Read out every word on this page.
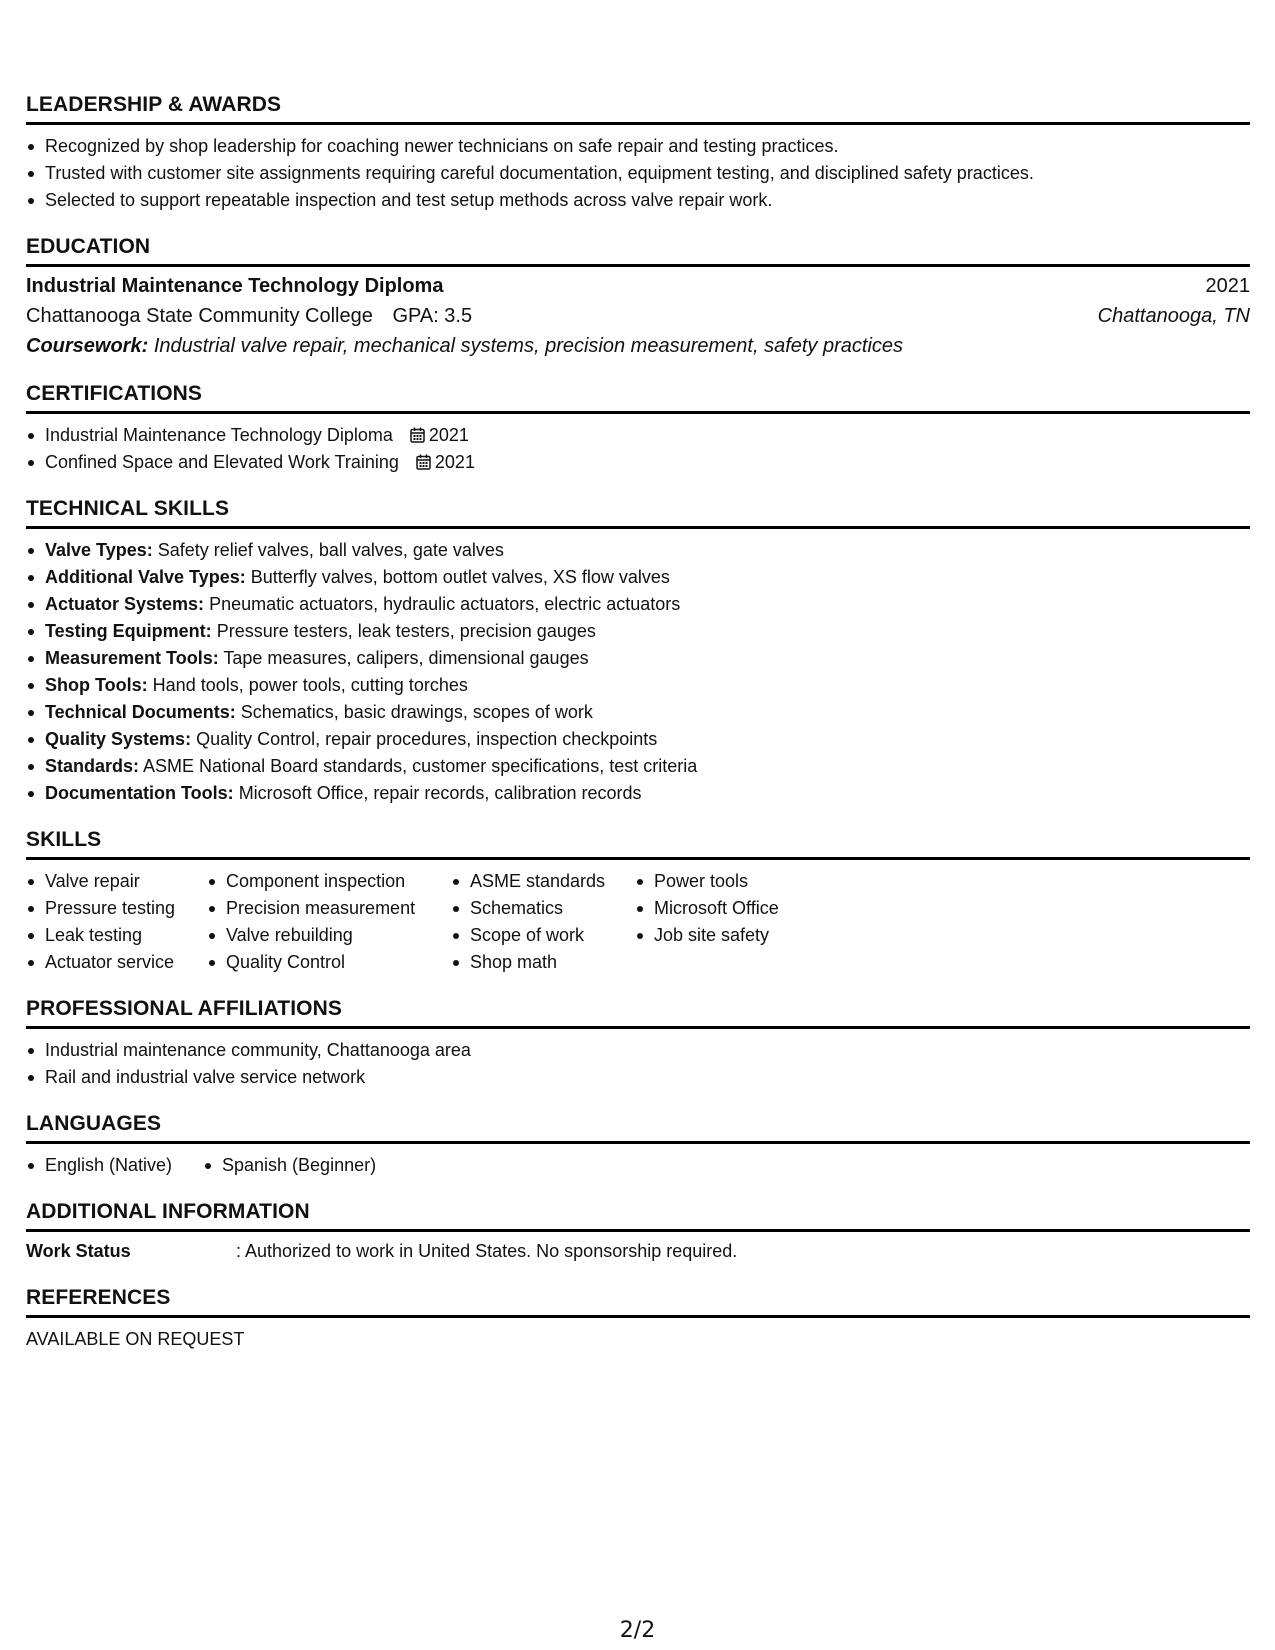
LEADERSHIP & AWARDS
Recognized by shop leadership for coaching newer technicians on safe repair and testing practices.
Trusted with customer site assignments requiring careful documentation, equipment testing, and disciplined safety practices.
Selected to support repeatable inspection and test setup methods across valve repair work.
EDUCATION
Industrial Maintenance Technology Diploma	2021
Chattanooga State Community College GPA: 3.5	Chattanooga, TN
Coursework: Industrial valve repair, mechanical systems, precision measurement, safety practices
CERTIFICATIONS
Industrial Maintenance Technology Diploma 2021
Confined Space and Elevated Work Training 2021
TECHNICAL SKILLS
Valve Types: Safety relief valves, ball valves, gate valves
Additional Valve Types: Butterfly valves, bottom outlet valves, XS flow valves
Actuator Systems: Pneumatic actuators, hydraulic actuators, electric actuators
Testing Equipment: Pressure testers, leak testers, precision gauges
Measurement Tools: Tape measures, calipers, dimensional gauges
Shop Tools: Hand tools, power tools, cutting torches
Technical Documents: Schematics, basic drawings, scopes of work
Quality Systems: Quality Control, repair procedures, inspection checkpoints
Standards: ASME National Board standards, customer specifications, test criteria
Documentation Tools: Microsoft Office, repair records, calibration records
SKILLS
Valve repair
Pressure testing
Leak testing
Actuator service
Component inspection
Precision measurement
Valve rebuilding
Quality Control
ASME standards
Schematics
Scope of work
Shop math
Power tools
Microsoft Office
Job site safety
PROFESSIONAL AFFILIATIONS
Industrial maintenance community, Chattanooga area
Rail and industrial valve service network
LANGUAGES
English (Native)	Spanish (Beginner)
ADDITIONAL INFORMATION
Work Status	: Authorized to work in United States. No sponsorship required.
REFERENCES
AVAILABLE ON REQUEST
2/2
